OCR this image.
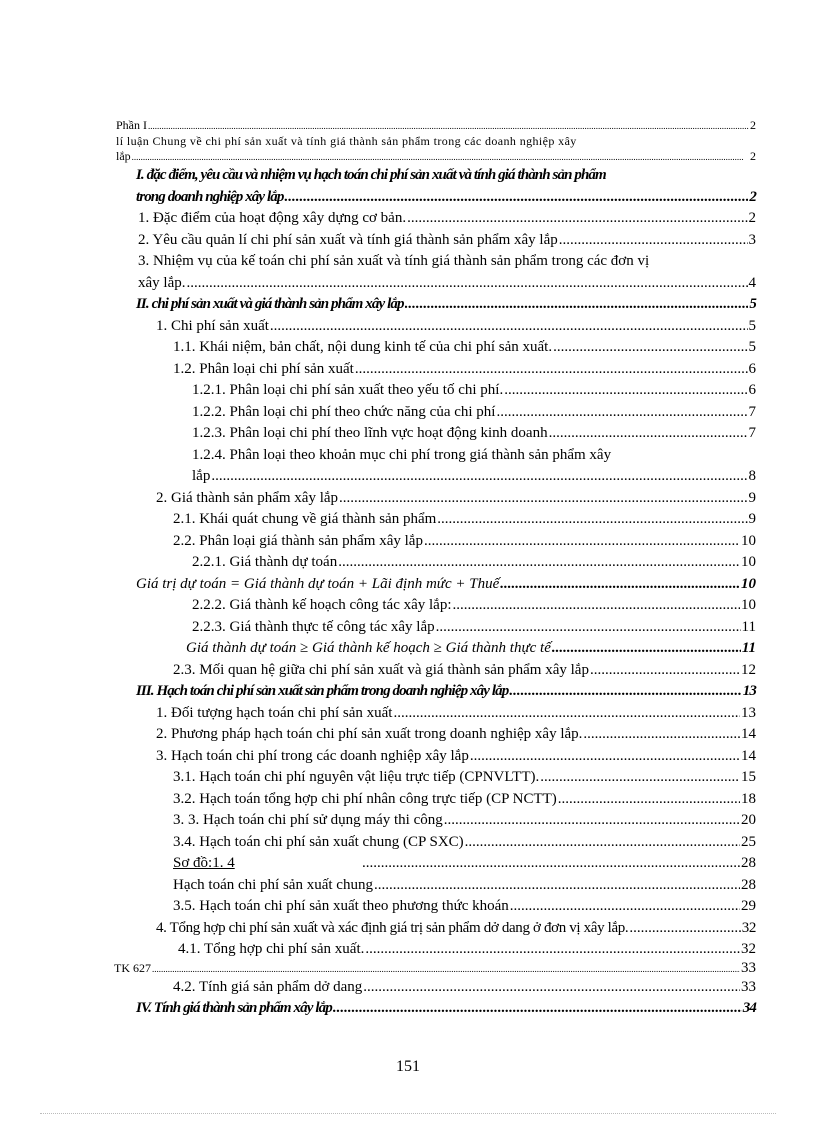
Phần I .....	2
lí luận Chung về chi phí sản xuất và tính giá thành sản phẩm trong các doanh nghiệp xây
lắp .....	2
I. đặc điểm, yêu cầu và nhiệm vụ hạch toán chi phí sản xuất và tính giá thành sản phẩm
trong doanh nghiệp xây lắp .....	2
1. Đặc điểm của hoạt động xây dựng cơ bản. .....	2
2. Yêu cầu quản lí chi phí sản xuất và tính giá thành sản phẩm xây lắp .....	3
3. Nhiệm vụ của kế toán chi phí sản xuất và tính giá thành sản phẩm trong các đơn vị
xây lắp. .....	4
II. chi phí sản xuất và giá thành sản phẩm xây lắp .....	5
1. Chi phí sản xuất .....	5
1.1. Khái niệm, bản chất, nội dung kinh tế của chi phí sản xuất. .....	5
1.2. Phân loại chi phí sản xuất .....	6
1.2.1. Phân loại chi phí sản xuất theo yếu tố chi phí. .....	6
1.2.2. Phân loại chi phí theo chức năng của chi phí .....	7
1.2.3. Phân loại chi phí theo lĩnh vực hoạt động kinh doanh .....	7
1.2.4. Phân loại theo khoản mục chi phí trong giá thành sản phẩm xây
lắp .....	8
2. Giá thành sản phẩm xây lắp .....	9
2.1. Khái quát chung về giá thành sản phẩm .....	9
2.2. Phân loại giá thành sản phẩm xây lắp .....	10
2.2.1. Giá thành dự toán .....	10
Giá trị dự toán = Giá thành dự toán + Lãi định mức + Thuế .....	10
2.2.2. Giá thành kế hoạch công tác xây lắp: .....	10
2.2.3. Giá thành thực tế công tác xây lắp .....	11
Giá thành dự toán ≥ Giá thành kế hoạch ≥ Giá thành thực tế .....	11
2.3. Mối quan hệ giữa chi phí sản xuất và giá thành sản phẩm xây lắp .....	12
III. Hạch toán chi phí sản xuất sản phẩm trong doanh nghiệp xây lắp .....	13
1. Đối tượng hạch toán chi phí sản xuất .....	13
2. Phương pháp hạch toán chi phí sản xuất trong doanh nghiệp xây lắp. .....	14
3. Hạch toán chi phí trong các doanh nghiệp xây lắp .....	14
3.1. Hạch toán chi phí nguyên vật liệu trực tiếp (CPNVLTT). .....	15
3.2. Hạch toán tổng hợp chi phí nhân công trực tiếp (CP NCTT) .....	18
3. 3. Hạch toán chi phí sử dụng máy thi công .....	20
3.4. Hạch toán chi phí sản xuất chung (CP SXC) .....	25
Sơ đồ:1. 4 .....	28
Hạch toán chi phí sản xuất chung .....	28
3.5. Hạch toán chi phí sản xuất theo phương thức khoán .....	29
4. Tổng hợp chi phí sản xuất và xác định giá trị sản phẩm dở dang ở đơn vị xây lắp. .....	32
4.1. Tổng hợp chi phí sản xuất. .....	32
TK 627 .....	33
4.2. Tính giá sản phẩm dở dang .....	33
IV. Tính giá thành sản phẩm xây lắp .....	34
151
